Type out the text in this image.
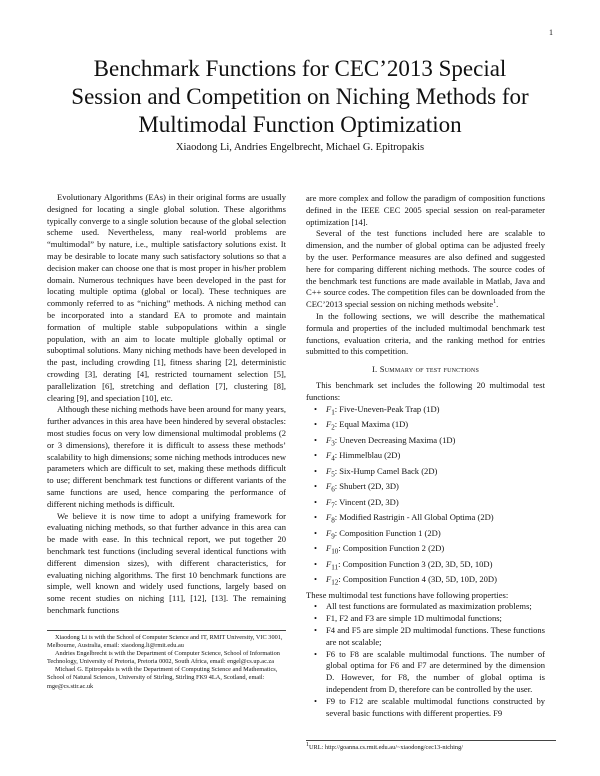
1
Benchmark Functions for CEC’2013 Special
Session and Competition on Niching Methods for
Multimodal Function Optimization
Xiaodong Li, Andries Engelbrecht, Michael G. Epitropakis

Evolutionary Algorithms (EAs) in their original forms are usually designed for locating a single global solution. These algorithms typically converge to a single solution because of the global selection scheme used. Nevertheless, many real-world problems are “multimodal” by nature, i.e., multiple satisfactory solutions exist. It may be desirable to locate many such satisfactory solutions so that a decision maker can choose one that is most proper in his/her problem domain. Numerous techniques have been developed in the past for locating multiple optima (global or local). These techniques are commonly referred to as “niching” methods. A niching method can be incorporated into a standard EA to promote and maintain formation of multiple stable subpopulations within a single population, with an aim to locate multiple globally optimal or suboptimal solutions. Many niching methods have been developed in the past, including crowding [1], fitness sharing [2], deterministic crowding [3], derating [4], restricted tournament selection [5], parallelization [6], stretching and deflation [7], clustering [8], clearing [9], and speciation [10], etc.

Although these niching methods have been around for many years, further advances in this area have been hindered by several obstacles: most studies focus on very low dimensional multimodal problems (2 or 3 dimensions), therefore it is difficult to assess these methods’ scalability to high dimensions; some niching methods introduces new parameters which are difficult to set, making these methods difficult to use; different benchmark test functions or different variants of the same functions are used, hence comparing the performance of different niching methods is difficult.

We believe it is now time to adopt a unifying framework for evaluating niching methods, so that further advance in this area can be made with ease. In this technical report, we put together 20 benchmark test functions (including several identical functions with different dimension sizes), with different characteristics, for evaluating niching algorithms. The first 10 benchmark functions are simple, well known and widely used functions, largely based on some recent studies on niching [11], [12], [13]. The remaining benchmark functions

Xiaodong Li is with the School of Computer Science and IT, RMIT University, VIC 3001, Melbourne, Australia, email: xiaodong.li@rmit.edu.au

Andries Engelbrecht is with the Department of Computer Science, School of Information Technology, University of Pretoria, Pretoria 0002, South Africa, email: engel@cs.up.ac.za

Michael G. Epitropakis is with the Department of Computing Science and Mathematics, School of Natural Sciences, University of Stirling, Stirling FK9 4LA, Scotland, email: mge@cs.stir.ac.uk

are more complex and follow the paradigm of composition functions defined in the IEEE CEC 2005 special session on real-parameter optimization [14].

Several of the test functions included here are scalable to dimension, and the number of global optima can be adjusted freely by the user. Performance measures are also defined and suggested here for comparing different niching methods. The source codes of the benchmark test functions are made available in Matlab, Java and C++ source codes. The competition files can be downloaded from the CEC’2013 special session on niching methods website$^1$.

In the following sections, we will describe the mathematical formula and properties of the included multimodal benchmark test functions, evaluation criteria, and the ranking method for entries submitted to this competition.

I. Summary of test functions

This benchmark set includes the following 20 multimodal test functions:

• $F_1$: Five-Uneven-Peak Trap (1D)
• $F_2$: Equal Maxima (1D)
• $F_3$: Uneven Decreasing Maxima (1D)
• $F_4$: Himmelblau (2D)
• $F_5$: Six-Hump Camel Back (2D)
• $F_6$: Shubert (2D, 3D)
• $F_7$: Vincent (2D, 3D)
• $F_8$: Modified Rastrigin - All Global Optima (2D)
• $F_9$: Composition Function 1 (2D)
• $F_{10}$: Composition Function 2 (2D)
• $F_{11}$: Composition Function 3 (2D, 3D, 5D, 10D)
• $F_{12}$: Composition Function 4 (3D, 5D, 10D, 20D)

These multimodal test functions have following properties:

• All test functions are formulated as maximization problems;
• F1, F2 and F3 are simple 1D multimodal functions;
• F4 and F5 are simple 2D multimodal functions. These functions are not scalable;
• F6 to F8 are scalable multimodal functions. The number of global optima for F6 and F7 are determined by the dimension D. However, for F8, the number of global optima is independent from D, therefore can be controlled by the user.
• F9 to F12 are scalable multimodal functions constructed by several basic functions with different properties. F9
$^1$URL: http://goanna.cs.rmit.edu.au/~xiaodong/cec13-niching/
